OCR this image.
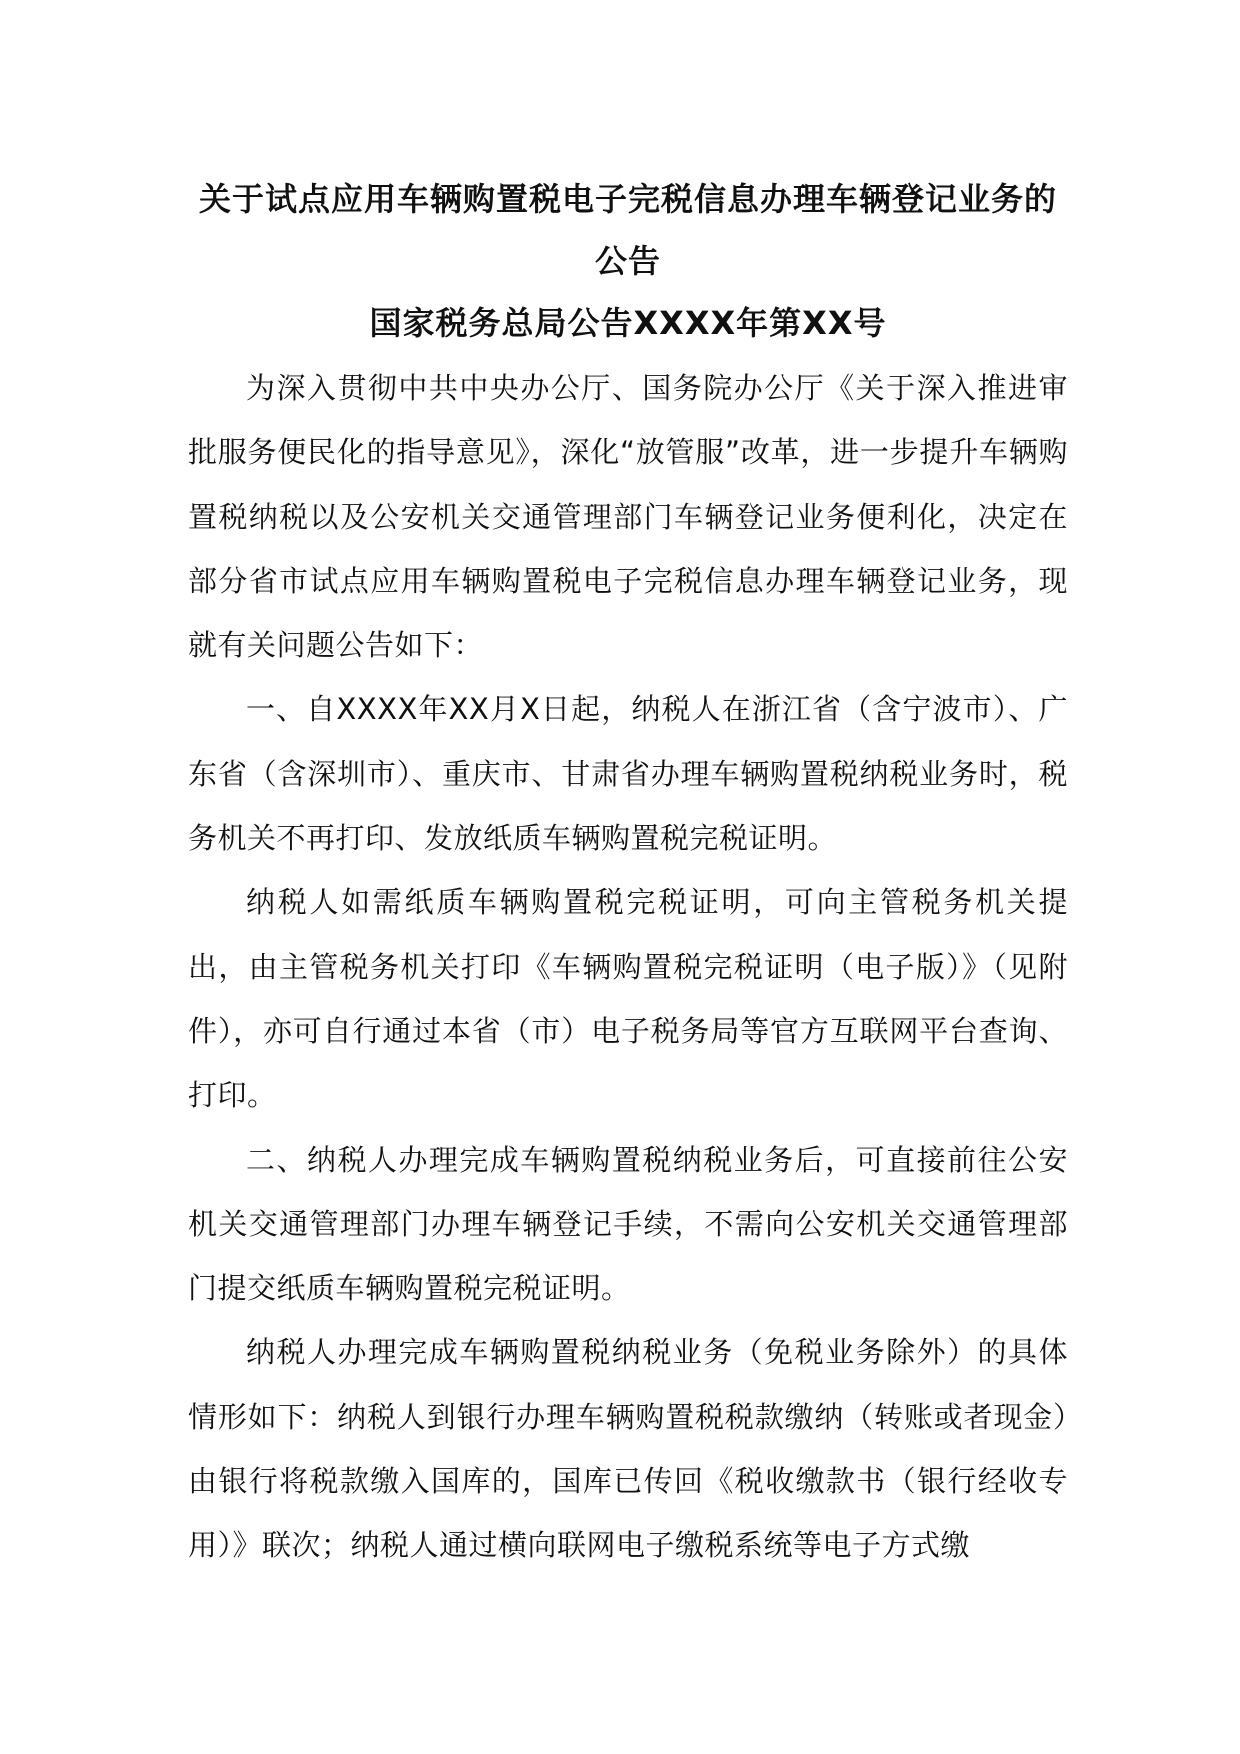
关于试点应用车辆购置税电子完税信息办理车辆登记业务的公告
国家税务总局公告XXXX年第XX号

为深入贯彻中共中央办公厅、国务院办公厅《关于深入推进审批服务便民化的指导意见》，深化“放管服”改革，进一步提升车辆购置税纳税以及公安机关交通管理部门车辆登记业务便利化，决定在部分省市试点应用车辆购置税电子完税信息办理车辆登记业务，现就有关问题公告如下：

一、自XXXX年XX月X日起，纳税人在浙江省（含宁波市）、广东省（含深圳市）、重庆市、甘肃省办理车辆购置税纳税业务时，税务机关不再打印、发放纸质车辆购置税完税证明。

纳税人如需纸质车辆购置税完税证明，可向主管税务机关提出，由主管税务机关打印《车辆购置税完税证明（电子版）》（见附件），亦可自行通过本省（市）电子税务局等官方互联网平台查询、打印。

二、纳税人办理完成车辆购置税纳税业务后，可直接前往公安机关交通管理部门办理车辆登记手续，不需向公安机关交通管理部门提交纸质车辆购置税完税证明。

纳税人办理完成车辆购置税纳税业务（免税业务除外）的具体情形如下：纳税人到银行办理车辆购置税税款缴纳（转账或者现金）由银行将税款缴入国库的，国库已传回《税收缴款书（银行经收专用）》联次；纳税人通过横向联网电子缴税系统等电子方式缴
